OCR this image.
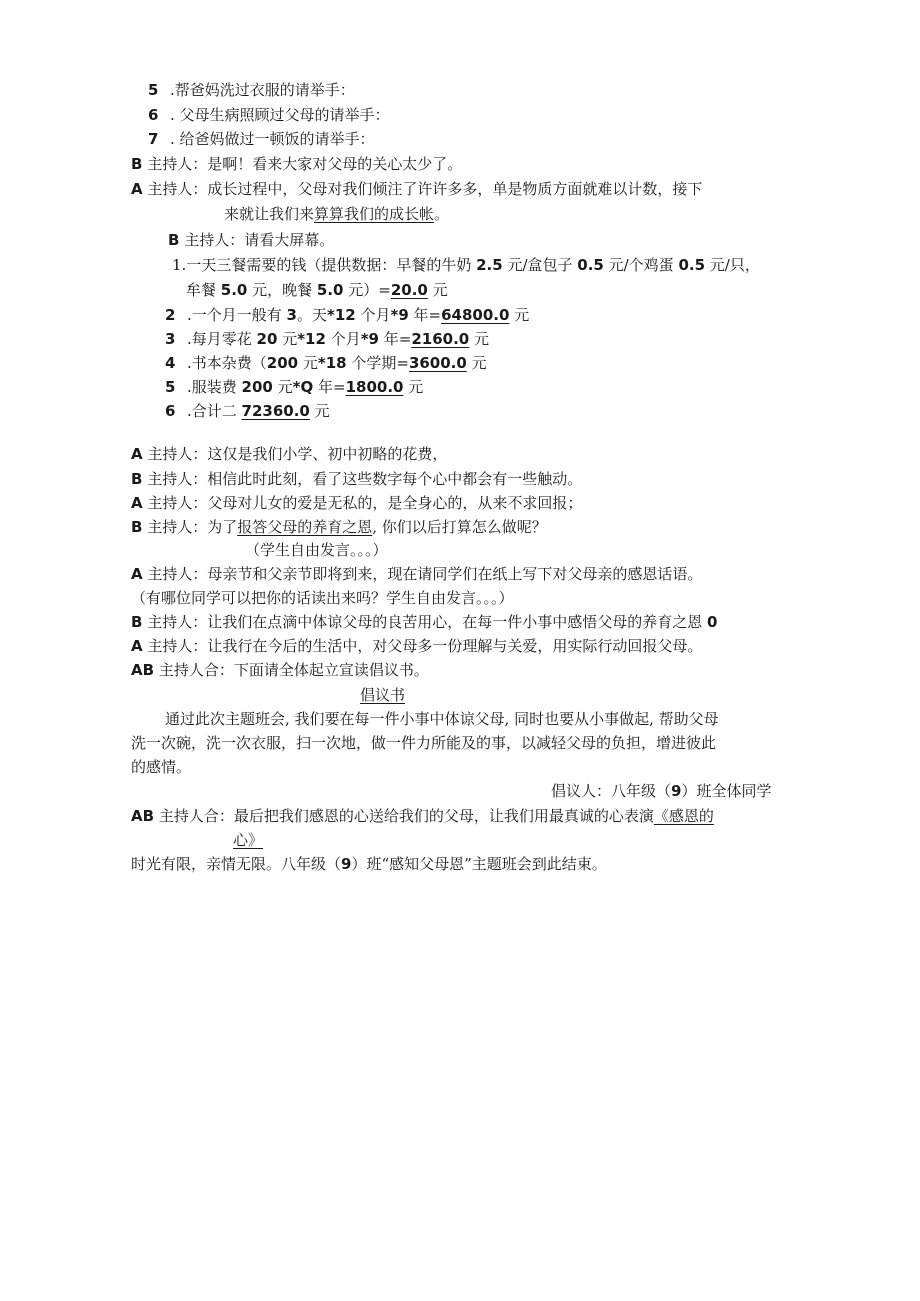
5 .帮爸妈洗过衣服的请举手：
6 . 父母生病照顾过父母的请举手：
7 . 给爸妈做过一顿饭的请举手：
B 主持人：是啊！看来大家对父母的关心太少了。
A 主持人：成长过程中，父母对我们倾注了许许多多，单是物质方面就难以计数，接下
来就让我们来算算我们的成长帐。
B 主持人：请看大屏幕。
1.一天三餐需要的钱（提供数据：早餐的牛奶 2.5 元/盒包子 0.5 元/个鸡蛋 0.5 元/只，
牟餐 5.0 元，晚餐 5.0 元）=20.0 元
2 .一个月一般有 3。天*12 个月*9 年=64800.0 元
3 .每月零花 20 元*12 个月*9 年=2160.0 元
4 .书本杂费（200 元*18 个学期=3600.0 元
5 .服装费 200 元*Q 年=1800.0 元
6 .合计二 72360.0 元
A 主持人：这仅是我们小学、初中初略的花费，
B 主持人：相信此时此刻，看了这些数字每个心中都会有一些触动。
A 主持人：父母对儿女的爱是无私的，是全身心的，从来不求回报；
B 主持人：为了报答父母的养育之恩, 你们以后打算怎么做呢？
（学生自由发言。。。）
A 主持人：母亲节和父亲节即将到来，现在请同学们在纸上写下对父母亲的感恩话语。
（有哪位同学可以把你的话读出来吗？学生自由发言。。。）
B 主持人：让我们在点滴中体谅父母的良苦用心，在每一件小事中感悟父母的养育之恩 0
A 主持人：让我行在今后的生活中，对父母多一份理解与关爱，用实际行动回报父母。
AB 主持人合：下面请全体起立宣读倡议书。
倡议书
通过此次主题班会, 我们要在每一件小事中体谅父母, 同时也要从小事做起, 帮助父母
洗一次碗，洗一次衣服，扫一次地，做一件力所能及的事，以减轻父母的负担，增进彼此
的感情。
倡议人：八年级（9）班全体同学
AB 主持人合：最后把我们感恩的心送给我们的父母，让我们用最真诚的心表演《感恩的
心》
时光有限，亲情无限。八年级（9）班“感知父母恩”主题班会到此结束。
